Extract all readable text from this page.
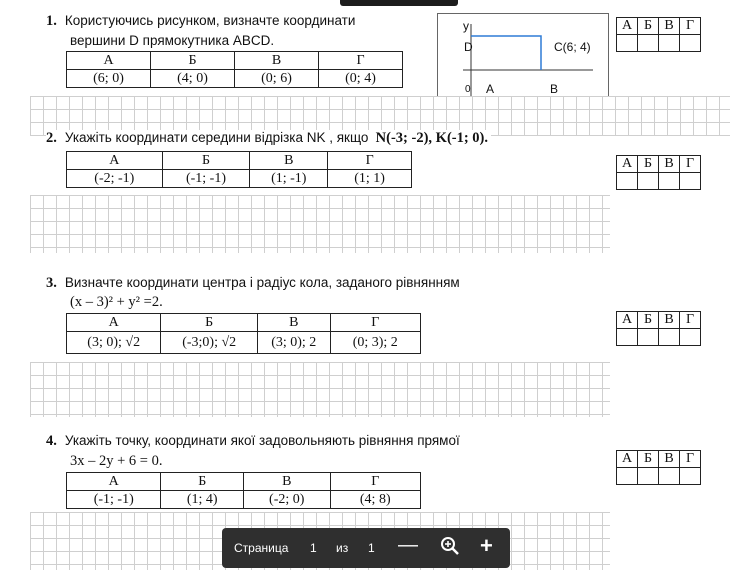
1. Користуючись рисунком, визначте координати
вершини D прямокутника ABCD.
А	Б	В	Г
(6; 0)	(4; 0)	(0; 6)	(0; 4)
у
D	C(6; 4)
0 A	B
А	Б	В	Г

2. Укажіть координати середини відрізка NK , якщо N(-3; -2), K(-1; 0).
А	Б	В	Г
(-2; -1)	(-1; -1)	(1; -1)	(1; 1)
А	Б	В	Г

3. Визначте координати центра і радіус кола, заданого рівнянням
(x – 3)² + y² =2.
А	Б	В	Г
(3; 0); √2	(-3;0); √2	(3; 0); 2	(0; 3); 2
А	Б	В	Г

4. Укажіть точку, координати якої задовольняють рівняння прямої
3x – 2y + 6 = 0.
А	Б	В	Г
(-1; -1)	(1; 4)	(-2; 0)	(4; 8)
А	Б	В	Г

Страница 1 из 1 —	+
